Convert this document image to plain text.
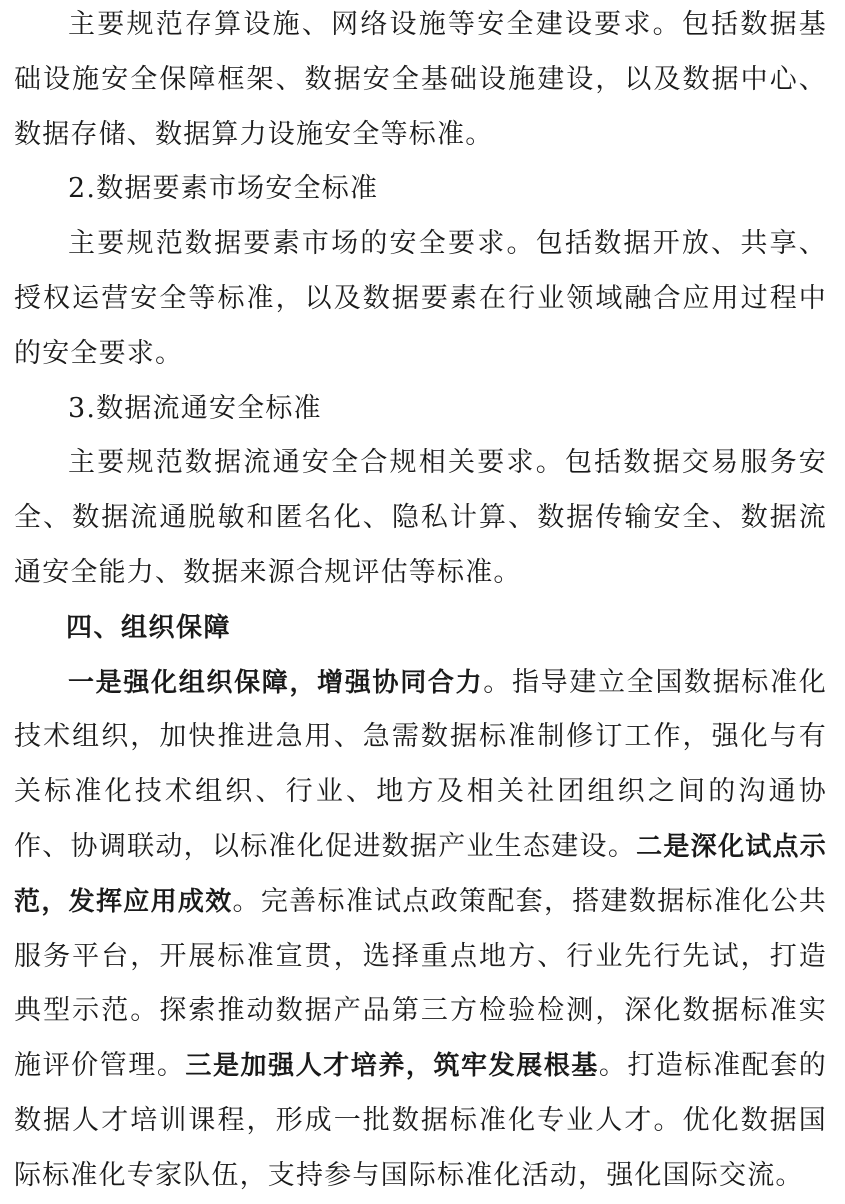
主要规范存算设施、网络设施等安全建设要求。包括数据基础设施安全保障框架、数据安全基础设施建设，以及数据中心、数据存储、数据算力设施安全等标准。

2.数据要素市场安全标准

主要规范数据要素市场的安全要求。包括数据开放、共享、授权运营安全等标准，以及数据要素在行业领域融合应用过程中的安全要求。

3.数据流通安全标准

主要规范数据流通安全合规相关要求。包括数据交易服务安全、数据流通脱敏和匿名化、隐私计算、数据传输安全、数据流通安全能力、数据来源合规评估等标准。

四、组织保障

一是强化组织保障，增强协同合力。指导建立全国数据标准化技术组织，加快推进急用、急需数据标准制修订工作，强化与有关标准化技术组织、行业、地方及相关社团组织之间的沟通协作、协调联动，以标准化促进数据产业生态建设。二是深化试点示范，发挥应用成效。完善标准试点政策配套，搭建数据标准化公共服务平台，开展标准宣贯，选择重点地方、行业先行先试，打造典型示范。探索推动数据产品第三方检验检测，深化数据标准实施评价管理。三是加强人才培养，筑牢发展根基。打造标准配套的数据人才培训课程，形成一批数据标准化专业人才。优化数据国际标准化专家队伍，支持参与国际标准化活动，强化国际交流。
